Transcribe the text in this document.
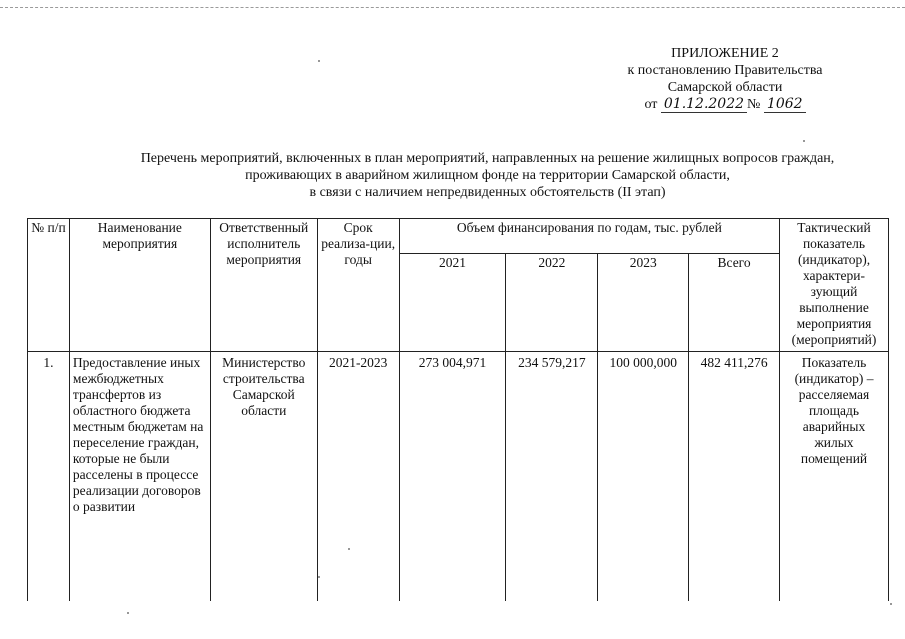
ПРИЛОЖЕНИЕ 2
к постановлению Правительства
Самарской области
от 01.12.2022 № 1062
Перечень мероприятий, включенных в план мероприятий, направленных на решение жилищных вопросов граждан,
проживающих в аварийном жилищном фонде на территории Самарской области,
в связи с наличием непредвиденных обстоятельств (II этап)
№ п/п	Наименование мероприятия	Ответственный исполнитель мероприятия	Срок реализа-ции, годы	Объем финансирования по годам, тыс. рублей				Тактический показатель (индикатор), характери-зующий выполнение мероприятия (мероприятий)
				2021	2022	2023	Всего	
1.	Предоставление иных межбюджетных трансфертов из областного бюджета местным бюджетам на переселение граждан, которые не были расселены в процессе реализации договоров о развитии	Министерство строительства Самарской области	2021-2023	273 004,971	234 579,217	100 000,000	482 411,276	Показатель (индикатор) – расселяемая площадь аварийных жилых помещений
